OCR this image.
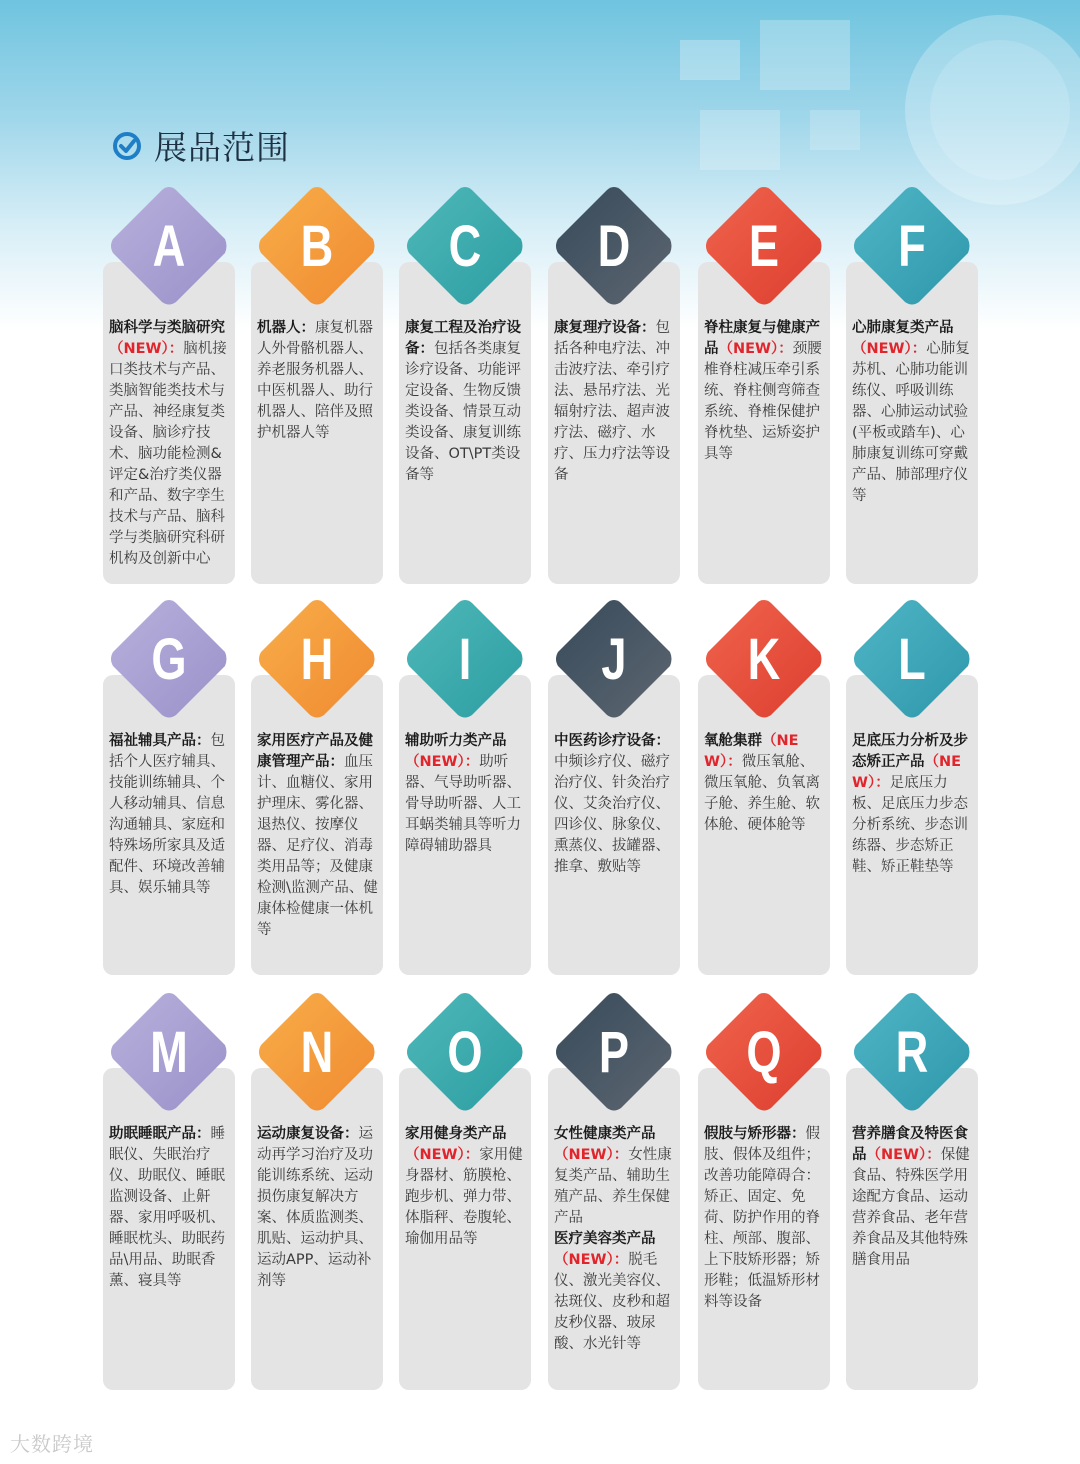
展品范围
脑科学与类脑研究（NEW）：脑机接口类技术与产品、类脑智能类技术与产品、神经康复类设备、脑诊疗技术、脑功能检测&评定&治疗类仪器和产品、数字孪生技术与产品、脑科学与类脑研究科研机构及创新中心
A
机器人：康复机器人外骨骼机器人、养老服务机器人、中医机器人、助行机器人、陪伴及照护机器人等
B
康复工程及治疗设备：包括各类康复诊疗设备、功能评定设备、生物反馈类设备、情景互动类设备、康复训练设备、OT\PT类设备等
C
康复理疗设备：包括各种电疗法、冲击波疗法、牵引疗法、悬吊疗法、光辐射疗法、超声波疗法、磁疗、水疗、压力疗法等设备
D
脊柱康复与健康产品（NEW）：颈腰椎脊柱减压牵引系统、脊柱侧弯筛查系统、脊椎保健护脊枕垫、运矫姿护具等
E
心肺康复类产品（NEW）：心肺复苏机、心肺功能训练仪、呼吸训练器、心肺运动试验(平板或踏车)、心肺康复训练可穿戴产品、肺部理疗仪等
F
福祉辅具产品：包括个人医疗辅具、技能训练辅具、个人移动辅具、信息沟通辅具、家庭和特殊场所家具及适配件、环境改善辅具、娱乐辅具等
G
家用医疗产品及健康管理产品：血压计、血糖仪、家用护理床、雾化器、退热仪、按摩仪器、足疗仪、消毒类用品等；及健康检测\监测产品、健康体检健康一体机等
H
辅助听力类产品（NEW）：助听器、气导助听器、骨导助听器、人工耳蜗类辅具等听力障碍辅助器具
I
中医药诊疗设备：中频诊疗仪、磁疗治疗仪、针灸治疗仪、艾灸治疗仪、四诊仪、脉象仪、熏蒸仪、拔罐器、推拿、敷贴等
J
氧舱集群（NEW）：微压氧舱、微压氧舱、负氧离子舱、养生舱、软体舱、硬体舱等
K
足底压力分析及步态矫正产品（NEW）：足底压力板、足底压力步态分析系统、步态训练器、步态矫正鞋、矫正鞋垫等
L
助眠睡眠产品：睡眠仪、失眠治疗仪、助眠仪、睡眠监测设备、止鼾器、家用呼吸机、睡眠枕头、助眠药品\用品、助眠香薰、寝具等
M
运动康复设备：运动再学习治疗及功能训练系统、运动损伤康复解决方案、体质监测类、肌贴、运动护具、运动APP、运动补剂等
N
家用健身类产品（NEW）：家用健身器材、筋膜枪、跑步机、弹力带、体脂秤、卷腹轮、瑜伽用品等
O
女性健康类产品（NEW）：女性康复类产品、辅助生殖产品、养生保健产品
医疗美容类产品（NEW）：脱毛仪、激光美容仪、祛斑仪、皮秒和超皮秒仪器、玻尿酸、水光针等
P
假肢与矫形器：假肢、假体及组件；改善功能障碍合：矫正、固定、免荷、防护作用的脊柱、颅部、腹部、上下肢矫形器；矫形鞋；低温矫形材料等设备
Q
营养膳食及特医食品（NEW）：保健食品、特殊医学用途配方食品、运动营养食品、老年营养食品及其他特殊膳食用品
R
大数跨境
